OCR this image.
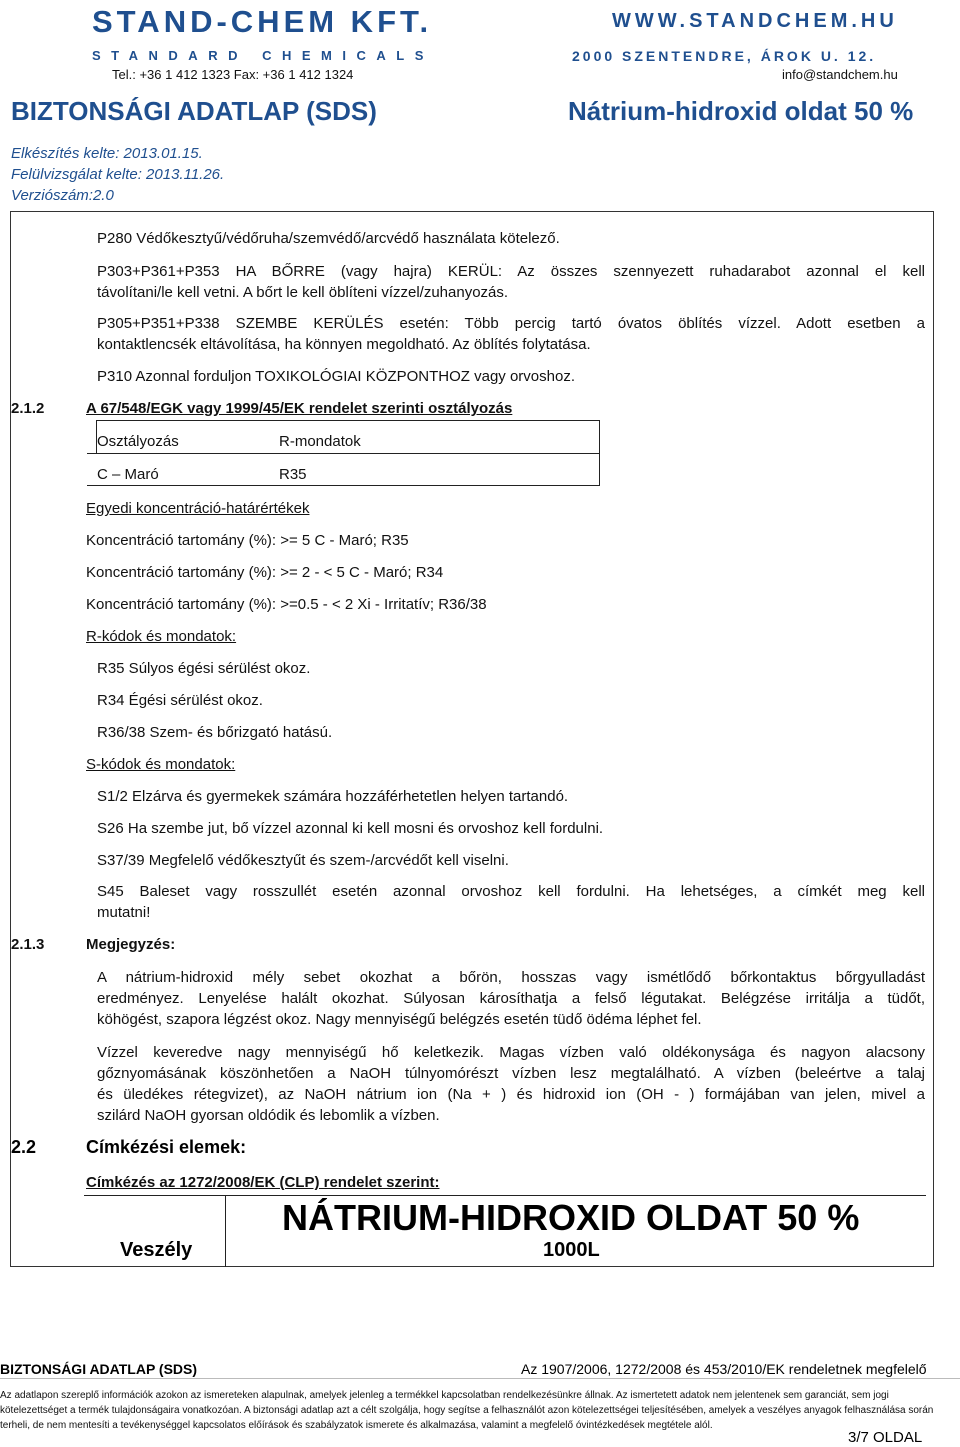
STAND-CHEM KFT.	WWW.STANDCHEM.HU
STANDARD CHEMICALS	2000 SZENTENDRE, ÁROK U. 12.
Tel.: +36 1 412 1323 Fax: +36 1 412 1324	info@standchem.hu
BIZTONSÁGI ADATLAP (SDS)	Nátrium-hidroxid oldat 50 %
Elkészítés kelte: 2013.01.15.
Felülvizsgálat kelte: 2013.11.26.
Verziószám:2.0
P280 Védőkesztyű/védőruha/szemvédő/arcvédő használata kötelező.
P303+P361+P353 HA BŐRRE (vagy hajra) KERÜL: Az összes szennyezett ruhadarabot azonnal el kell
távolítani/le kell vetni. A bőrt le kell öblíteni vízzel/zuhanyozás.
P305+P351+P338 SZEMBE KERÜLÉS esetén: Több percig tartó óvatos öblítés vízzel. Adott esetben a
kontaktlencsék eltávolítása, ha könnyen megoldható. Az öblítés folytatása.
P310 Azonnal forduljon TOXIKOLÓGIAI KÖZPONTHOZ vagy orvoshoz.
2.1.2	A 67/548/EGK vagy 1999/45/EK rendelet szerinti osztályozás
Osztályozás	R-mondatok
C – Maró	R35
Egyedi koncentráció-határértékek
Koncentráció tartomány (%): >= 5 C - Maró; R35
Koncentráció tartomány (%): >= 2 - < 5 C - Maró; R34
Koncentráció tartomány (%): >=0.5 - < 2 Xi - Irritatív; R36/38
R-kódok és mondatok:
R35 Súlyos égési sérülést okoz.
R34 Égési sérülést okoz.
R36/38 Szem- és bőrizgató hatású.
S-kódok és mondatok:
S1/2 Elzárva és gyermekek számára hozzáférhetetlen helyen tartandó.
S26 Ha szembe jut, bő vízzel azonnal ki kell mosni és orvoshoz kell fordulni.
S37/39 Megfelelő védőkesztyűt és szem-/arcvédőt kell viselni.
S45 Baleset vagy rosszullét esetén azonnal orvoshoz kell fordulni. Ha lehetséges, a címkét meg kell
mutatni!
2.1.3	Megjegyzés:
A nátrium-hidroxid mély sebet okozhat a bőrön, hosszas vagy ismétlődő bőrkontaktus bőrgyulladást
eredményez. Lenyelése halált okozhat. Súlyosan károsíthatja a felső légutakat. Belégzése irritálja a tüdőt,
köhögést, szapora légzést okoz. Nagy mennyiségű belégzés esetén tüdő ödéma léphet fel.
Vízzel keveredve nagy mennyiségű hő keletkezik. Magas vízben való oldékonysága és nagyon alacsony
gőznyomásának köszönhetően a NaOH túlnyomórészt vízben lesz megtalálható. A vízben (beleértve a talaj
és üledékes rétegvizet), az NaOH nátrium ion (Na + ) és hidroxid ion (OH - ) formájában van jelen, mivel a
szilárd NaOH gyorsan oldódik és lebomlik a vízben.
2.2	Címkézési elemek:
Címkézés az 1272/2008/EK (CLP) rendelet szerint:
Veszély
NÁTRIUM-HIDROXID OLDAT 50 %
1000L
BIZTONSÁGI ADATLAP (SDS)	Az 1907/2006, 1272/2008 és 453/2010/EK rendeletnek megfelelő
Az adatlapon szereplő információk azokon az ismereteken alapulnak, amelyek jelenleg a termékkel kapcsolatban rendelkezésünkre állnak. Az ismertetett adatok nem jelentenek sem garanciát, sem jogi
kötelezettséget a termék tulajdonságaira vonatkozóan. A biztonsági adatlap azt a célt szolgálja, hogy segítse a felhasználót azon kötelezettségei teljesítésében, amelyek a veszélyes anyagok felhasználása során
terheli, de nem mentesíti a tevékenységgel kapcsolatos előírások és szabályzatok ismerete és alkalmazása, valamint a megfelelő óvintézkedések megtétele alól.
3/7 OLDAL
